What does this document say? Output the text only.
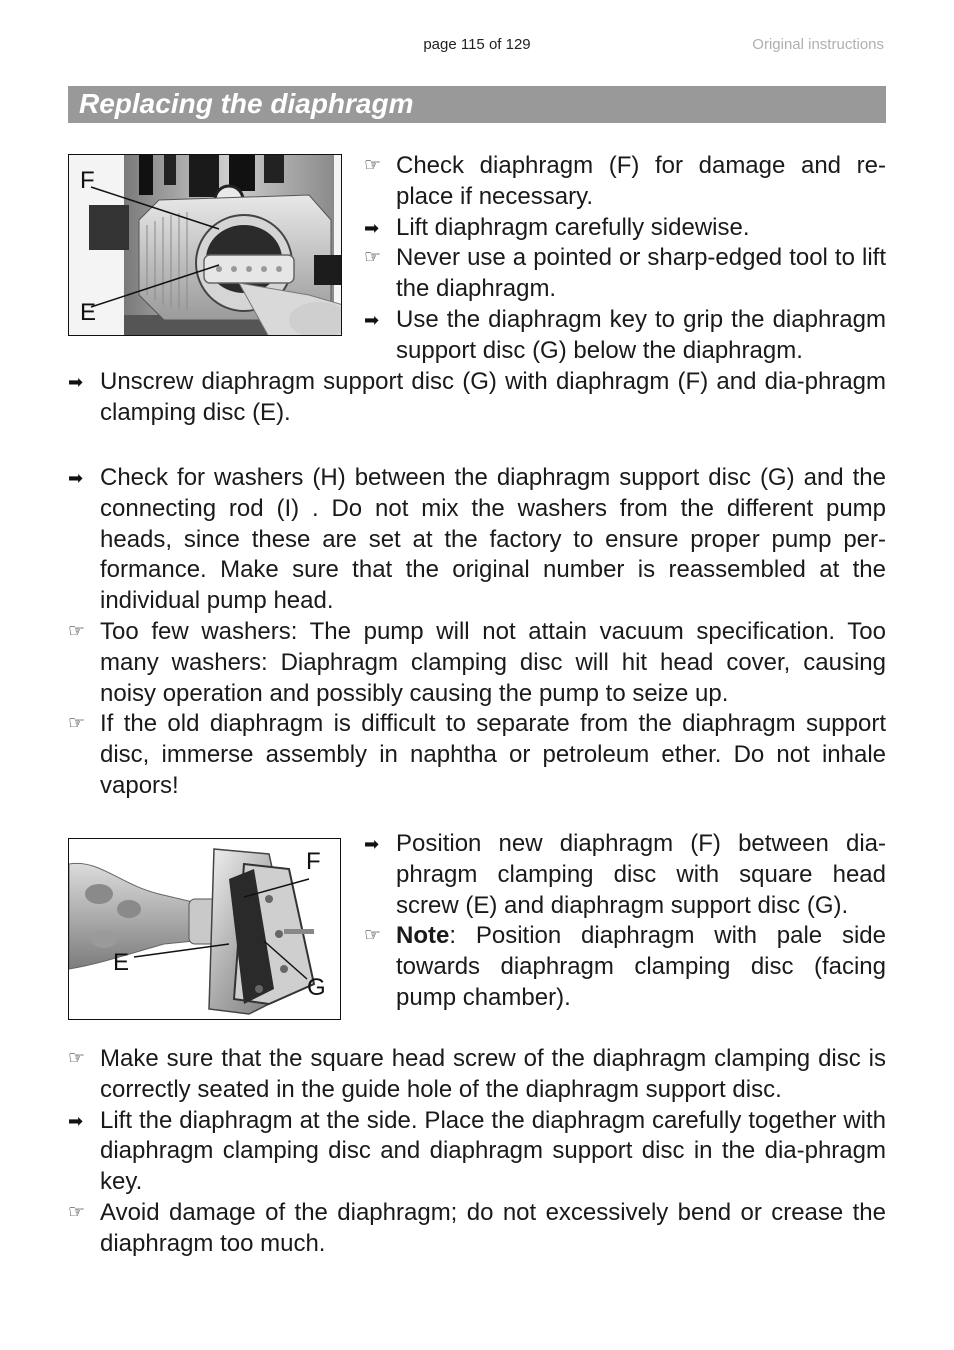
page 115 of 129	Original instructions
Replacing the diaphragm
F
E
☞ Check diaphragm (F) for damage and re-place if necessary.
➡ Lift diaphragm carefully sidewise.
☞ Never use a pointed or sharp-edged tool to lift the diaphragm.
➡ Use the diaphragm key to grip the diaphragm support disc (G) below the diaphragm.
➡ Unscrew diaphragm support disc (G) with diaphragm (F) and dia-phragm clamping disc (E).
➡ Check for washers (H) between the diaphragm support disc (G) and the connecting rod (I) . Do not mix the washers from the different pump heads, since these are set at the factory to ensure proper pump per-formance. Make sure that the original number is reassembled at the individual pump head.
☞ Too few washers: The pump will not attain vacuum specification. Too many washers: Diaphragm clamping disc will hit head cover, causing noisy operation and possibly causing the pump to seize up.
☞ If the old diaphragm is difficult to separate from the diaphragm support disc, immerse assembly in naphtha or petroleum ether. Do not inhale vapors!
F
E
G
➡ Position new diaphragm (F) between dia-phragm clamping disc with square head screw (E) and diaphragm support disc (G).
☞ Note: Position diaphragm with pale side towards diaphragm clamping disc (facing pump chamber).
☞ Make sure that the square head screw of the diaphragm clamping disc is correctly seated in the guide hole of the diaphragm support disc.
➡ Lift the diaphragm at the side. Place the diaphragm carefully together with diaphragm clamping disc and diaphragm support disc in the dia-phragm key.
☞ Avoid damage of the diaphragm; do not excessively bend or crease the diaphragm too much.
